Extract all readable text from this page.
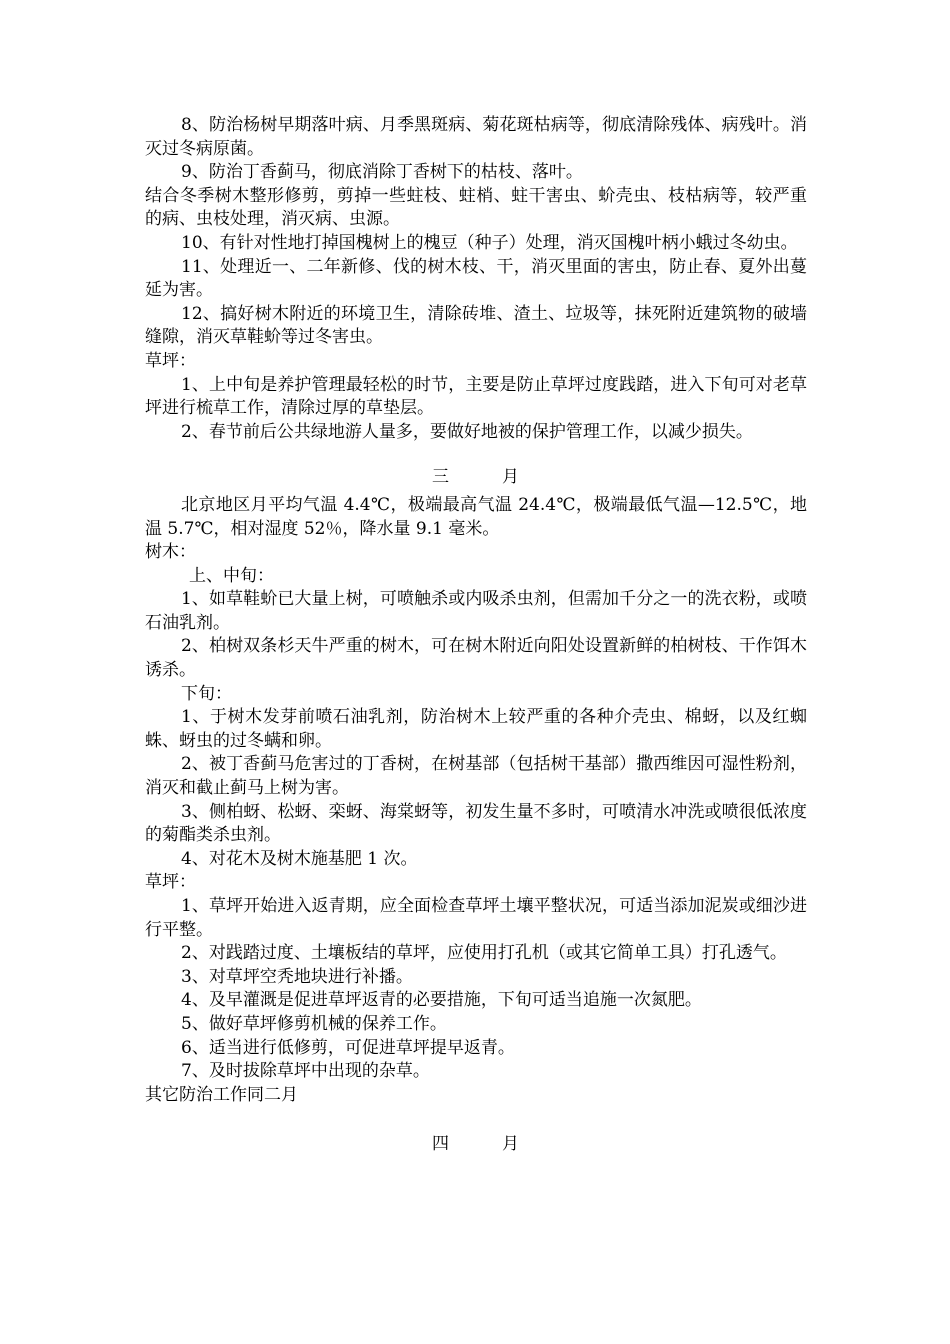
8、防治杨树早期落叶病、月季黑斑病、菊花斑枯病等，彻底清除残体、病残叶。消灭过冬病原菌。

9、防治丁香蓟马，彻底消除丁香树下的枯枝、落叶。

结合冬季树木整形修剪，剪掉一些蛀枝、蛀梢、蛀干害虫、蚧壳虫、枝枯病等，较严重的病、虫枝处理，消灭病、虫源。

10、有针对性地打掉国槐树上的槐豆（种子）处理，消灭国槐叶柄小蛾过冬幼虫。

11、处理近一、二年新修、伐的树木枝、干，消灭里面的害虫，防止春、夏外出蔓延为害。

12、搞好树木附近的环境卫生，清除砖堆、渣土、垃圾等，抹死附近建筑物的破墙缝隙，消灭草鞋蚧等过冬害虫。

草坪：

1、上中旬是养护管理最轻松的时节，主要是防止草坪过度践踏，进入下旬可对老草坪进行梳草工作，清除过厚的草垫层。

2、春节前后公共绿地游人量多，要做好地被的保护管理工作，以减少损失。

三	月

北京地区月平均气温 4.4℃，极端最高气温 24.4℃，极端最低气温—12.5℃，地温 5.7℃，相对湿度 52％，降水量 9.1 毫米。

树木：

上、中旬：

1、如草鞋蚧已大量上树，可喷触杀或内吸杀虫剂，但需加千分之一的洗衣粉，或喷石油乳剂。

2、柏树双条杉天牛严重的树木，可在树木附近向阳处设置新鲜的柏树枝、干作饵木诱杀。

下旬：

1、于树木发芽前喷石油乳剂，防治树木上较严重的各种介壳虫、棉蚜，以及红蜘蛛、蚜虫的过冬螨和卵。

2、被丁香蓟马危害过的丁香树，在树基部（包括树干基部）撒西维因可湿性粉剂，消灭和截止蓟马上树为害。

3、侧柏蚜、松蚜、栾蚜、海棠蚜等，初发生量不多时，可喷清水冲洗或喷很低浓度的菊酯类杀虫剂。

4、对花木及树木施基肥 1 次。

草坪：

1、草坪开始进入返青期，应全面检查草坪土壤平整状况，可适当添加泥炭或细沙进行平整。

2、对践踏过度、土壤板结的草坪，应使用打孔机（或其它简单工具）打孔透气。

3、对草坪空秃地块进行补播。

4、及早灌溉是促进草坪返青的必要措施，下旬可适当追施一次氮肥。

5、做好草坪修剪机械的保养工作。

6、适当进行低修剪，可促进草坪提早返青。

7、及时拔除草坪中出现的杂草。

其它防治工作同二月

四	月
